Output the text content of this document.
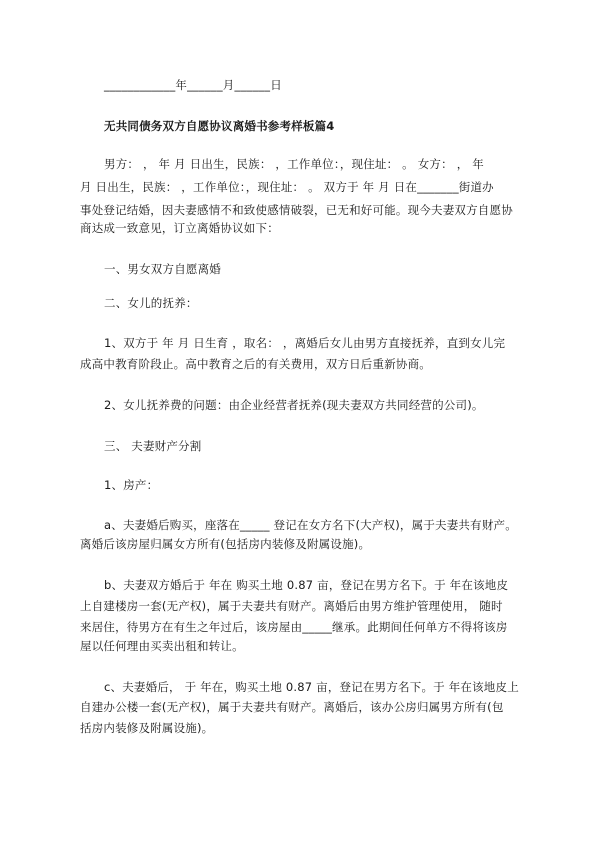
____________年______月______日
无共同债务双方自愿协议离婚书参考样板篇4
男方： ， 年 月 日出生，民族： ，工作单位：，现住址： 。 女方： ， 年
月 日出生，民族： ，工作单位：，现住址： 。 双方于 年 月 日在_______街道办
事处登记结婚，因夫妻感情不和致使感情破裂，已无和好可能。现今夫妻双方自愿协
商达成一致意见，订立离婚协议如下：
一、男女双方自愿离婚
二、女儿的抚养：
1、双方于 年 月 日生育 ，取名： ，离婚后女儿由男方直接抚养，直到女儿完
成高中教育阶段止。高中教育之后的有关费用，双方日后重新协商。
2、女儿抚养费的问题：由企业经营者抚养(现夫妻双方共同经营的公司)。
三、 夫妻财产分割
1、房产：
a、夫妻婚后购买，座落在_____ 登记在女方名下(大产权)，属于夫妻共有财产。
离婚后该房屋归属女方所有(包括房内装修及附属设施)。
b、夫妻双方婚后于 年在 购买土地 0.87 亩，登记在男方名下。于 年在该地皮
上自建楼房一套(无产权)，属于夫妻共有财产。离婚后由男方维护管理使用， 随时
来居住，待男方在有生之年过后，该房屋由_____继承。此期间任何单方不得将该房
屋以任何理由买卖出租和转让。
c、夫妻婚后， 于 年在，购买土地 0.87 亩，登记在男方名下。于 年在该地皮上
自建办公楼一套(无产权)，属于夫妻共有财产。离婚后，该办公房归属男方所有(包
括房内装修及附属设施)。
